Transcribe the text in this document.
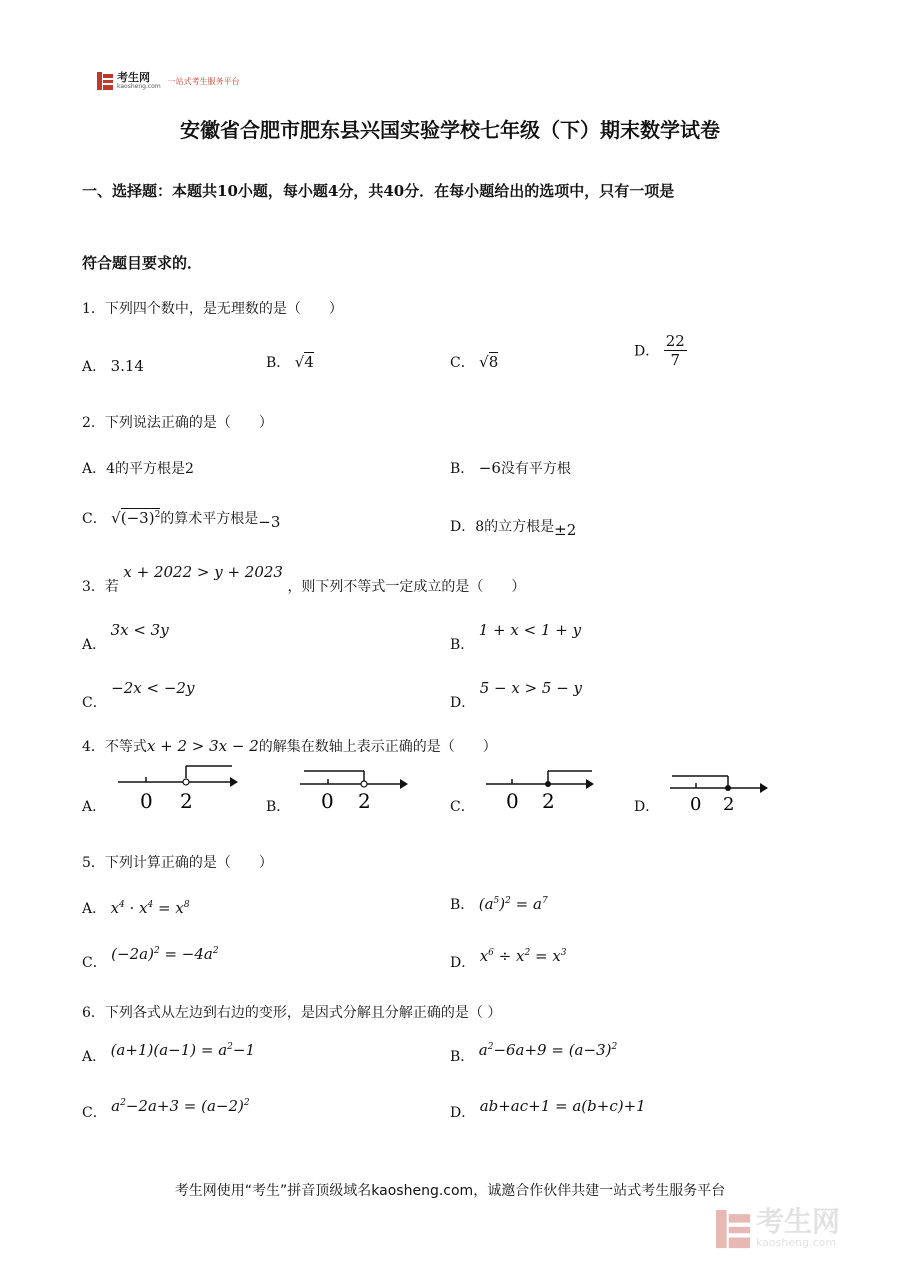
考生网
kaosheng.com
一站式考生服务平台
安徽省合肥市肥东县兴国实验学校七年级（下）期末数学试卷
一、选择题：本题共10小题，每小题4分，共40分．在每小题给出的选项中，只有一项是
符合题目要求的．
1．下列四个数中，是无理数的是（　　）
A． 3.14	B． √4	C． √8
D． $\frac{22}{7}$
2．下列说法正确的是（　　）
A．4的平方根是2	B． −6没有平方根
C． $√(-3)^2$的算术平方根是−3	D．8的立方根是±2
3．若 x + 2022 > y + 2023 ，则下列不等式一定成立的是（　　）
A． 3x < 3y
B． 1 + x < 1 + y
C． −2x < −2y
D． 5 − x > 5 − y
4．不等式x + 2 > 3x − 2的解集在数轴上表示正确的是（　　）
A． 0 2	B． 0 2	C． 0 2	D． 0 2
5．下列计算正确的是（　　）
A． $x^4 \cdot x^4 = x^8$	B． $(a^5)^2 = a^7$
C． $(-2a)^2 = -4a^2$
D． $x^6 \div x^2 = x^3$
6．下列各式从左边到右边的变形，是因式分解且分解正确的是（ ）
A． $(a+1)(a-1) = a^2-1$	B． $a^2-6a+9 = (a-3)^2$
C． $a^2-2a+3 = (a-2)^2$
D． ab+ac+1 = a(b+c)+1
考生网使用“考生”拼音顶级域名kaosheng.com，诚邀合作伙伴共建一站式考生服务平台
考生网
kaosheng.com
